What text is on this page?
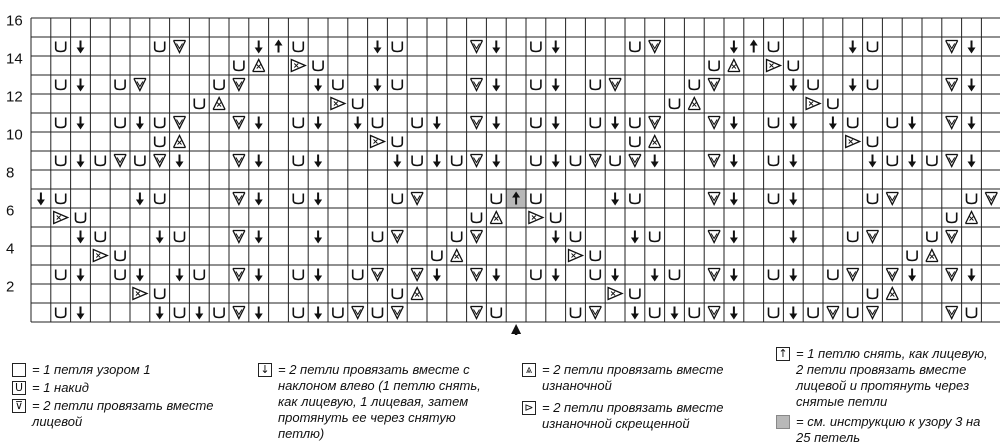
2
4
6
8
10
12
14
16
= 1 петля узором 1
U = 1 накид
⊽ = 2 петли провязать вместе лицевой
↓ = 2 петли провязать вместе с наклоном влево (1 петлю снять, как лицевую, 1 лицевая, затем протянуть ее через снятую петлю)
⩓ = 2 петли провязать вместе изнаночной
⊳ = 2 петли провязать вместе изнаночной скрещенной
↑ = 1 петлю снять, как лицевую, 2 петли провязать вместе лицевой и протянуть через снятые петли
= см. инструкцию к узору 3 на 25 петель
